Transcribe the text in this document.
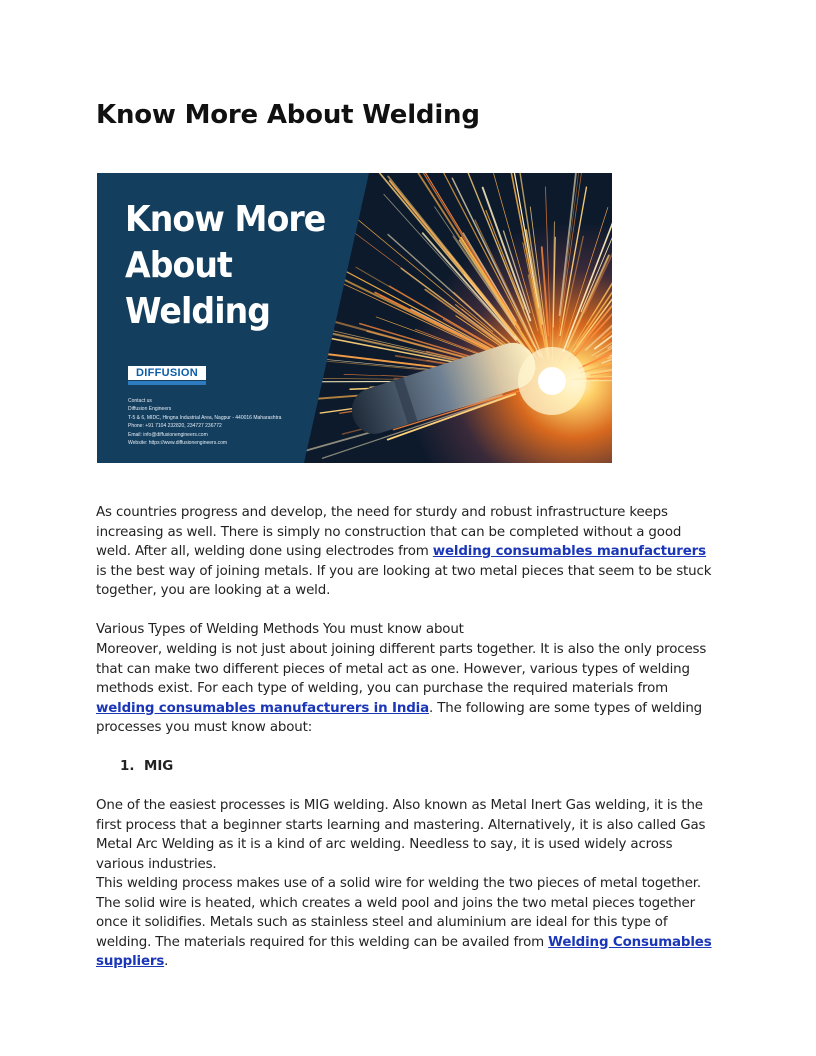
Know More About Welding
Know More
About
Welding
DIFFUSION
Contact us
Diffusion Engineers
T-5 & 6, MIDC, Hingna Industrial Area, Nagpur - 440016 Maharashtra
Phone: +91 7104 232820, 234727 236772
Email: info@diffusionengineers.com
Website: https://www.diffusionengineers.com

As countries progress and develop, the need for sturdy and robust infrastructure keeps increasing as well. There is simply no construction that can be completed without a good weld. After all, welding done using electrodes from welding consumables manufacturers is the best way of joining metals. If you are looking at two metal pieces that seem to be stuck together, you are looking at a weld.

Various Types of Welding Methods You must know about

Moreover, welding is not just about joining different parts together. It is also the only process that can make two different pieces of metal act as one. However, various types of welding methods exist. For each type of welding, you can purchase the required materials from welding consumables manufacturers in India. The following are some types of welding processes you must know about:

1. MIG

One of the easiest processes is MIG welding. Also known as Metal Inert Gas welding, it is the first process that a beginner starts learning and mastering. Alternatively, it is also called Gas Metal Arc Welding as it is a kind of arc welding. Needless to say, it is used widely across various industries.

This welding process makes use of a solid wire for welding the two pieces of metal together. The solid wire is heated, which creates a weld pool and joins the two metal pieces together once it solidifies. Metals such as stainless steel and aluminium are ideal for this type of welding. The materials required for this welding can be availed from Welding Consumables suppliers.
